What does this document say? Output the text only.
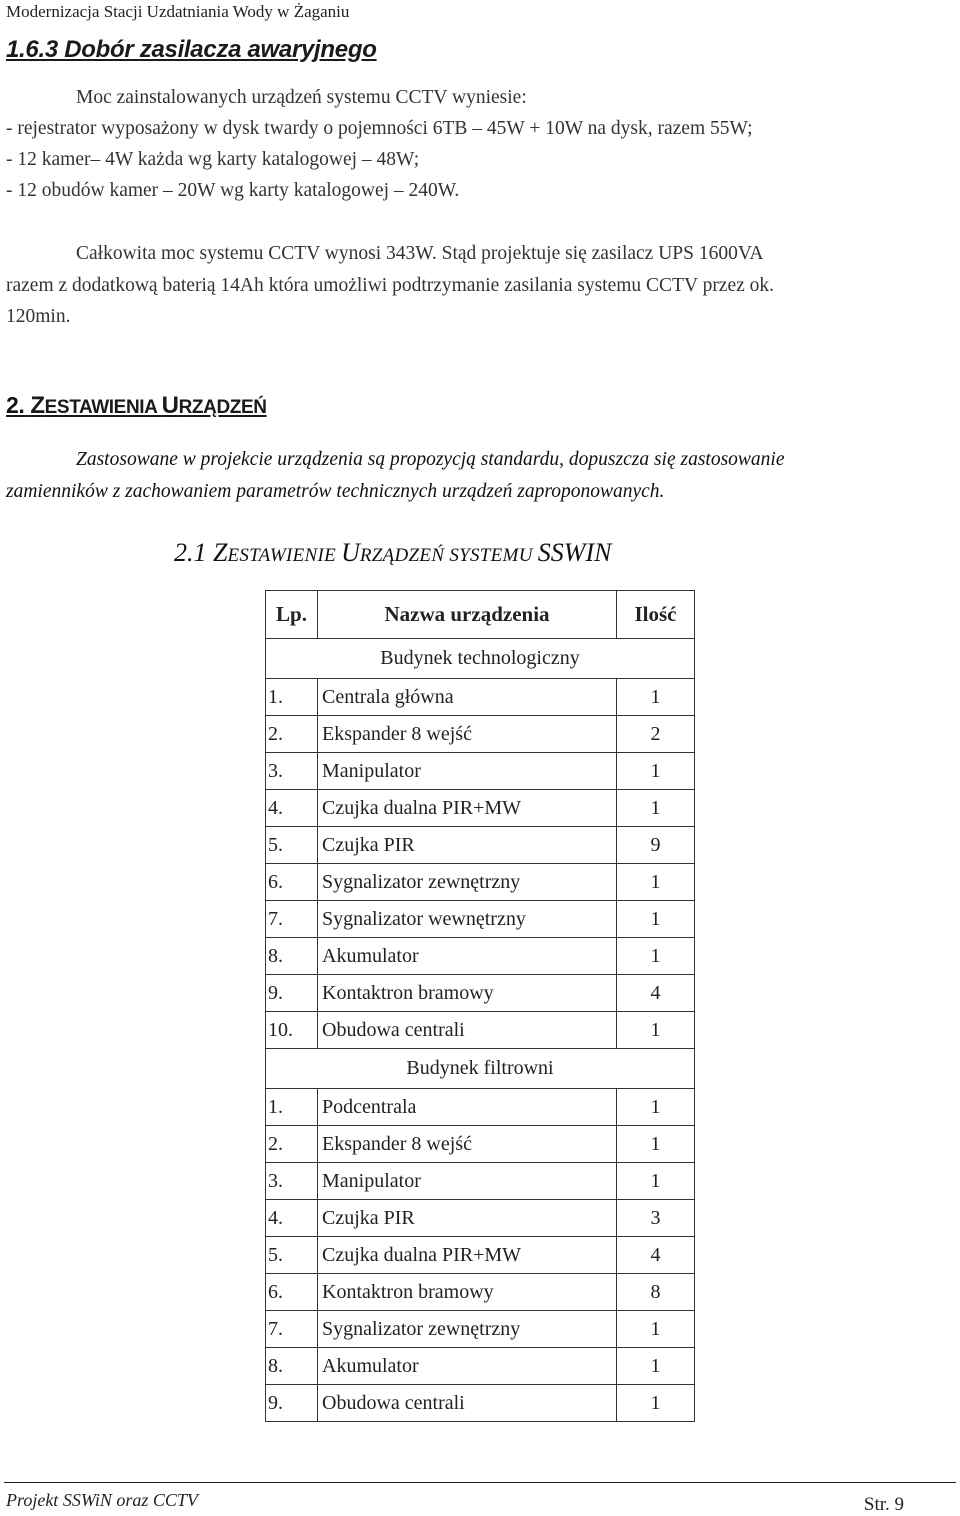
Modernizacja Stacji Uzdatniania Wody w Żaganiu
1.6.3 Dobór zasilacza awaryjnego
Moc zainstalowanych urządzeń systemu CCTV wyniesie:
- rejestrator wyposażony w dysk twardy o pojemności 6TB – 45W + 10W na dysk, razem 55W;
- 12 kamer– 4W każda wg karty katalogowej – 48W;
- 12 obudów kamer – 20W wg karty katalogowej – 240W.
Całkowita moc systemu CCTV wynosi 343W. Stąd projektuje się zasilacz UPS 1600VA
razem z dodatkową baterią 14Ah która umożliwi podtrzymanie zasilania systemu CCTV przez ok.
120min.
2. ZESTAWIENIA URZĄDZEŃ
Zastosowane w projekcie urządzenia są propozycją standardu, dopuszcza się zastosowanie
zamienników z zachowaniem parametrów technicznych urządzeń zaproponowanych.
2.1 ZESTAWIENIE URZĄDZEŃ SYSTEMU SSWIN
Lp.	Nazwa urządzenia	Ilość
Budynek technologiczny		
1.	Centrala główna	1
2.	Ekspander 8 wejść	2
3.	Manipulator	1
4.	Czujka dualna PIR+MW	1
5.	Czujka PIR	9
6.	Sygnalizator zewnętrzny	1
7.	Sygnalizator wewnętrzny	1
8.	Akumulator	1
9.	Kontaktron bramowy	4
10.	Obudowa centrali	1
Budynek filtrowni		
1.	Podcentrala	1
2.	Ekspander 8 wejść	1
3.	Manipulator	1
4.	Czujka PIR	3
5.	Czujka dualna PIR+MW	4
6.	Kontaktron bramowy	8
7.	Sygnalizator zewnętrzny	1
8.	Akumulator	1
9.	Obudowa centrali	1
Projekt SSWiN oraz CCTV	Str. 9
